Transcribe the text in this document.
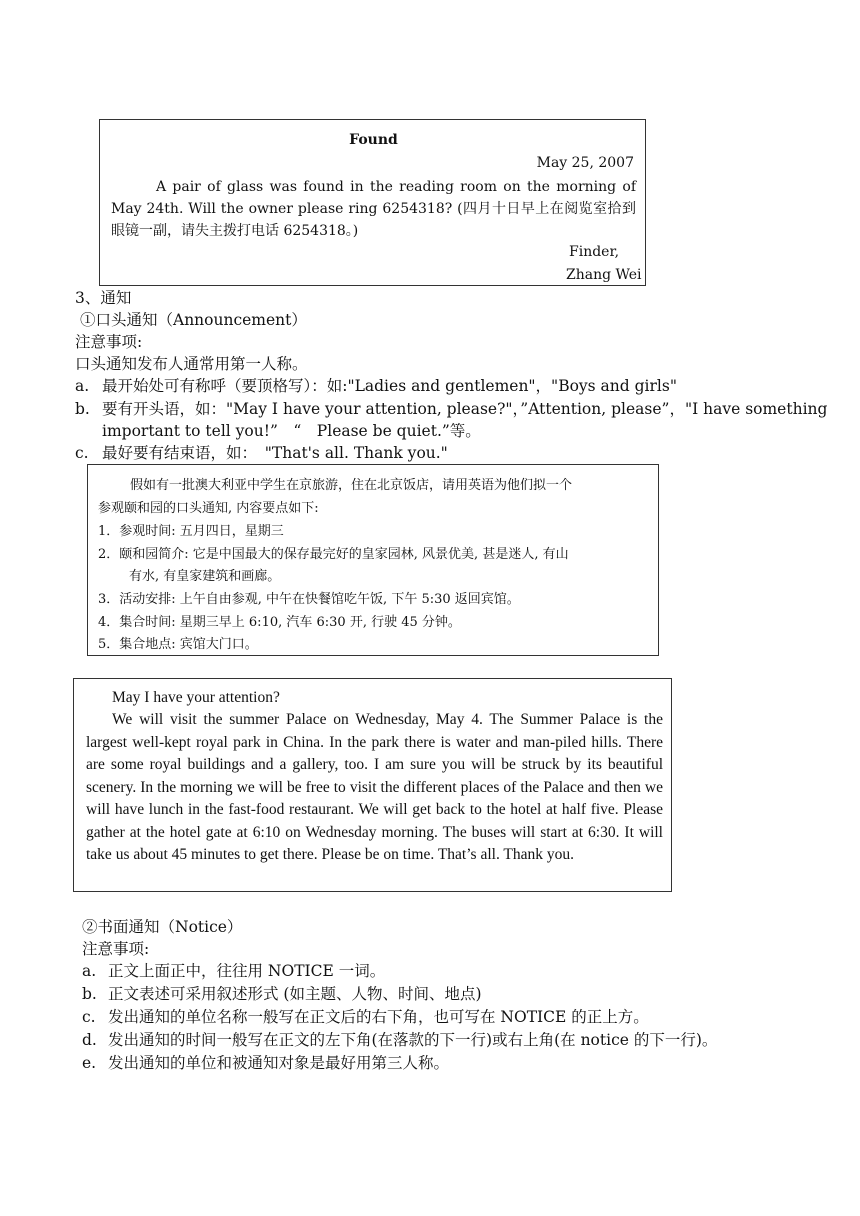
Found
May 25, 2007
A pair of glass was found in the reading room on the morning of May 24th. Will the owner please ring 6254318? (四月十日早上在阅览室拾到眼镜一副，请失主拨打电话 6254318。)
Finder,
Zhang Wei
3、通知
①口头通知（Announcement）
注意事项:
口头通知发布人通常用第一人称。
a. 最开始处可有称呼（要顶格写）：如:"Ladies and gentlemen"，"Boys and girls"
b. 要有开头语，如："May I have your attention, please?"，”Attention, please”，"I have something
important to tell you!”　“　Please be quiet.”等。
c. 最好要有结束语，如：　"That's all. Thank you."
假如有一批澳大利亚中学生在京旅游，住在北京饭店，请用英语为他们拟一个
参观颐和园的口头通知, 内容要点如下:
1．参观时间: 五月四日，星期三
2．颐和园简介: 它是中国最大的保存最完好的皇家园林, 风景优美, 甚是迷人, 有山
有水, 有皇家建筑和画廊。
3．活动安排: 上午自由参观, 中午在快餐馆吃午饭, 下午 5:30 返回宾馆。
4．集合时间: 星期三早上 6:10, 汽车 6:30 开, 行驶 45 分钟。
5．集合地点: 宾馆大门口。
May I have your attention?
We will visit the summer Palace on Wednesday, May 4. The Summer Palace is the largest well-kept royal park in China. In the park there is water and man-piled hills. There are some royal buildings and a gallery, too. I am sure you will be struck by its beautiful scenery. In the morning we will be free to visit the different places of the Palace and then we will have lunch in the fast-food restaurant. We will get back to the hotel at half five. Please gather at the hotel gate at 6:10 on Wednesday morning. The buses will start at 6:30. It will take us about 45 minutes to get there. Please be on time. That’s all. Thank you.
②书面通知（Notice）
注意事项:
a. 正文上面正中，往往用 NOTICE 一词。
b. 正文表述可采用叙述形式 (如主题、人物、时间、地点)
c. 发出通知的单位名称一般写在正文后的右下角，也可写在 NOTICE 的正上方。
d. 发出通知的时间一般写在正文的左下角(在落款的下一行)或右上角(在 notice 的下一行)。
e. 发出通知的单位和被通知对象是最好用第三人称。
